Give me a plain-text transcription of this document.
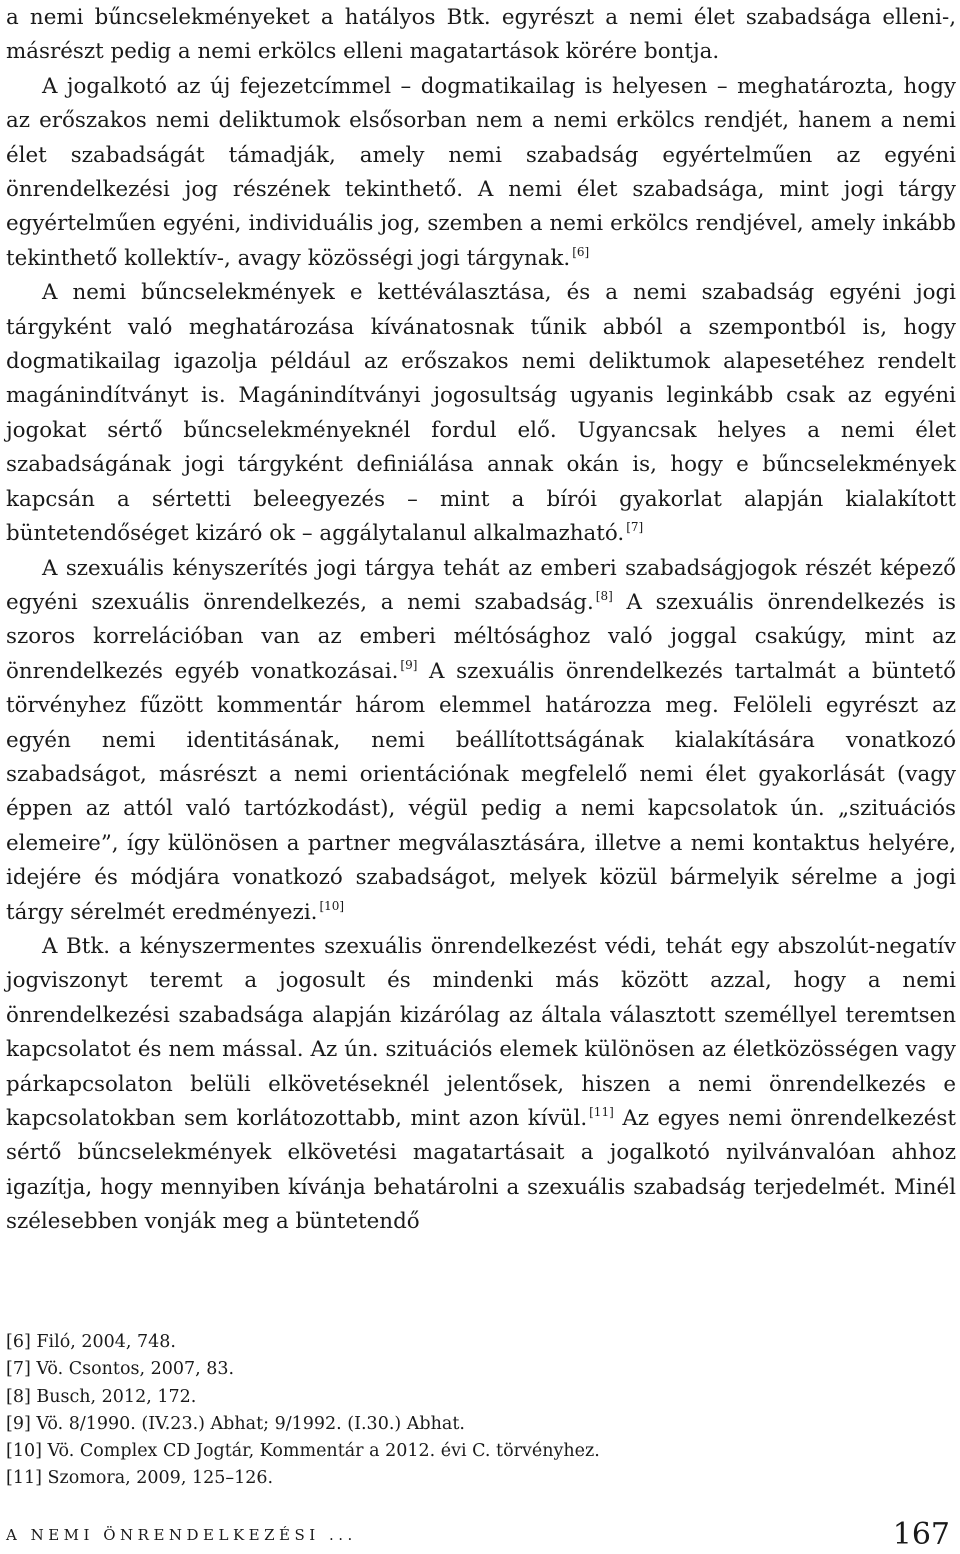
a nemi bűncselekményeket a hatályos Btk. egyrészt a nemi élet szabadsága elleni-, másrészt pedig a nemi erkölcs elleni magatartások körére bontja.

A jogalkotó az új fejezetcímmel – dogmatikailag is helyesen – meghatározta, hogy az erőszakos nemi deliktumok elsősorban nem a nemi erkölcs rendjét, hanem a nemi élet szabadságát támadják, amely nemi szabadság egyértelműen az egyéni önrendelkezési jog részének tekinthető. A nemi élet szabadsága, mint jogi tárgy egyértelműen egyéni, individuális jog, szemben a nemi erkölcs rendjével, amely inkább tekinthető kollektív-, avagy közösségi jogi tárgynak. [6]

A nemi bűncselekmények e kettéválasztása, és a nemi szabadság egyéni jogi tárgyként való meghatározása kívánatosnak tűnik abból a szempontból is, hogy dogmatikailag igazolja például az erőszakos nemi deliktumok alapesetéhez rendelt magánindítványt is. Magánindítványi jogosultság ugyanis leginkább csak az egyéni jogokat sértő bűncselekményeknél fordul elő. Ugyancsak helyes a nemi élet szabadságának jogi tárgyként definiálása annak okán is, hogy e bűncselekmények kapcsán a sértetti beleegyezés – mint a bírói gyakorlat alapján kialakított büntetendőséget kizáró ok – aggálytalanul alkalmazható. [7]

A szexuális kényszerítés jogi tárgya tehát az emberi szabadságjogok részét képező egyéni szexuális önrendelkezés, a nemi szabadság. [8] A szexuális önrendelkezés is szoros korrelációban van az emberi méltósághoz való joggal csakúgy, mint az önrendelkezés egyéb vonatkozásai. [9] A szexuális önrendelkezés tartalmát a büntető törvényhez fűzött kommentár három elemmel határozza meg. Felöleli egyrészt az egyén nemi identitásának, nemi beállítottságának kialakítására vonatkozó szabadságot, másrészt a nemi orientációnak megfelelő nemi élet gyakorlását (vagy éppen az attól való tartózkodást), végül pedig a nemi kapcsolatok ún. „szituációs elemeire”, így különösen a partner megválasztására, illetve a nemi kontaktus helyére, idejére és módjára vonatkozó szabadságot, melyek közül bármelyik sérelme a jogi tárgy sérelmét eredményezi. [10]

A Btk. a kényszermentes szexuális önrendelkezést védi, tehát egy abszolút-negatív jogviszonyt teremt a jogosult és mindenki más között azzal, hogy a nemi önrendelkezési szabadsága alapján kizárólag az általa választott személlyel teremtsen kapcsolatot és nem mással. Az ún. szituációs elemek különösen az életközösségen vagy párkapcsolaton belüli elkövetéseknél jelentősek, hiszen a nemi önrendelkezés e kapcsolatokban sem korlátozottabb, mint azon kívül. [11] Az egyes nemi önrendelkezést sértő bűncselekmények elkövetési magatartásait a jogalkotó nyilvánvalóan ahhoz igazítja, hogy mennyiben kívánja behatárolni a szexuális szabadság terjedelmét. Minél szélesebben vonják meg a büntetendő

[6] Filó, 2004, 748.
[7] Vö. Csontos, 2007, 83.
[8] Busch, 2012, 172.
[9] Vö. 8/1990. (IV.23.) Abhat; 9/1992. (I.30.) Abhat.
[10] Vö. Complex CD Jogtár, Kommentár a 2012. évi C. törvényhez.
[11] Szomora, 2009, 125–126.
A NEMI ÖNRENDELKEZÉSI ...	167
